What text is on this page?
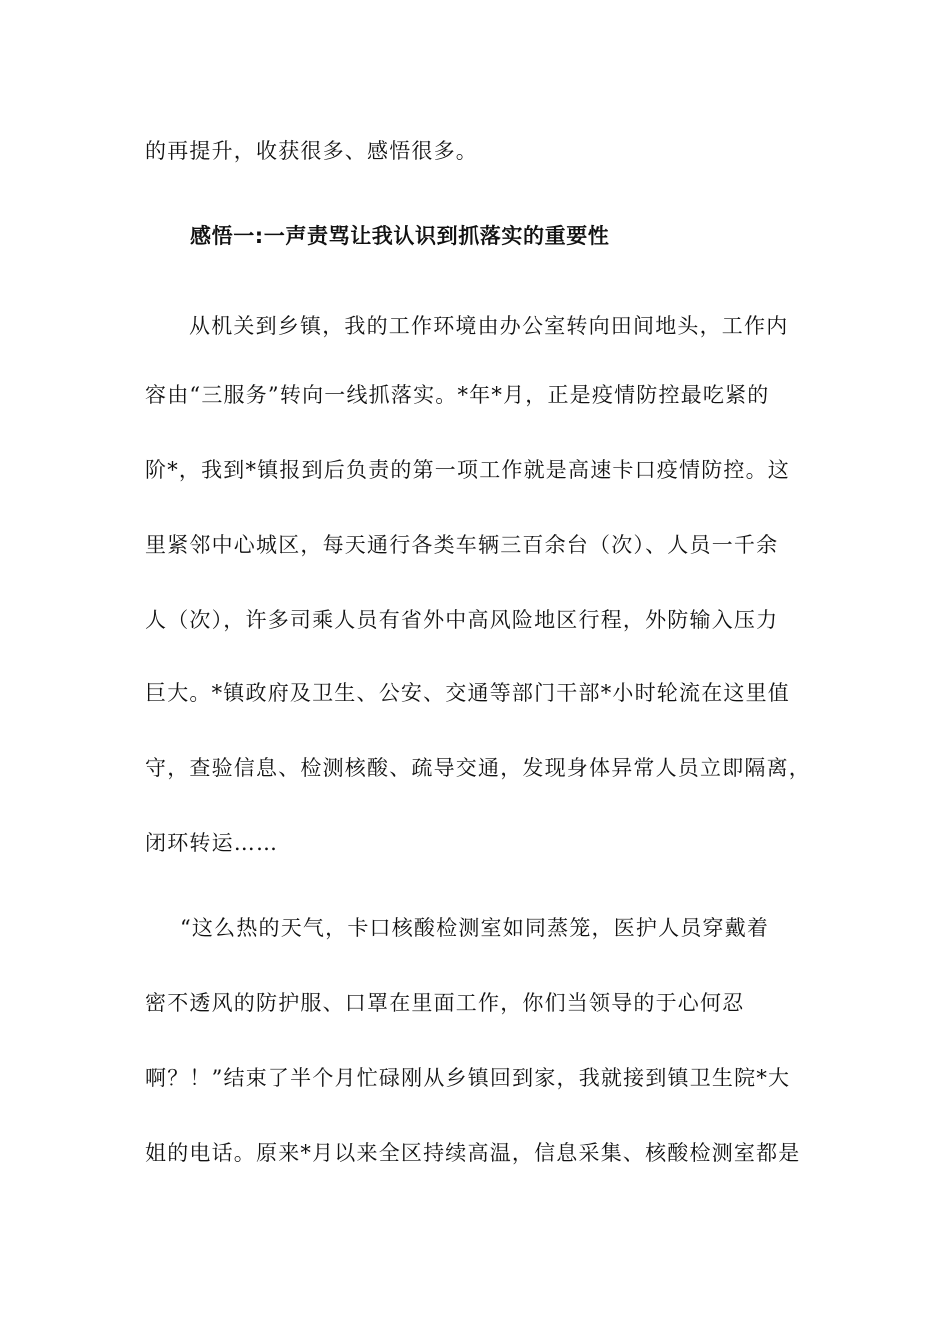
的再提升，收获很多、感悟很多。
感悟一:一声责骂让我认识到抓落实的重要性
从机关到乡镇，我的工作环境由办公室转向田间地头，工作内
容由“三服务”转向一线抓落实。*年*月，正是疫情防控最吃紧的
阶*，我到*镇报到后负责的第一项工作就是高速卡口疫情防控。这
里紧邻中心城区，每天通行各类车辆三百余台（次）、人员一千余
人（次），许多司乘人员有省外中高风险地区行程，外防输入压力
巨大。*镇政府及卫生、公安、交通等部门干部*小时轮流在这里值
守，查验信息、检测核酸、疏导交通，发现身体异常人员立即隔离，
闭环转运……
“这么热的天气，卡口核酸检测室如同蒸笼，医护人员穿戴着
密不透风的防护服、口罩在里面工作，你们当领导的于心何忍
啊？！”结束了半个月忙碌刚从乡镇回到家，我就接到镇卫生院*大
姐的电话。原来*月以来全区持续高温，信息采集、核酸检测室都是
